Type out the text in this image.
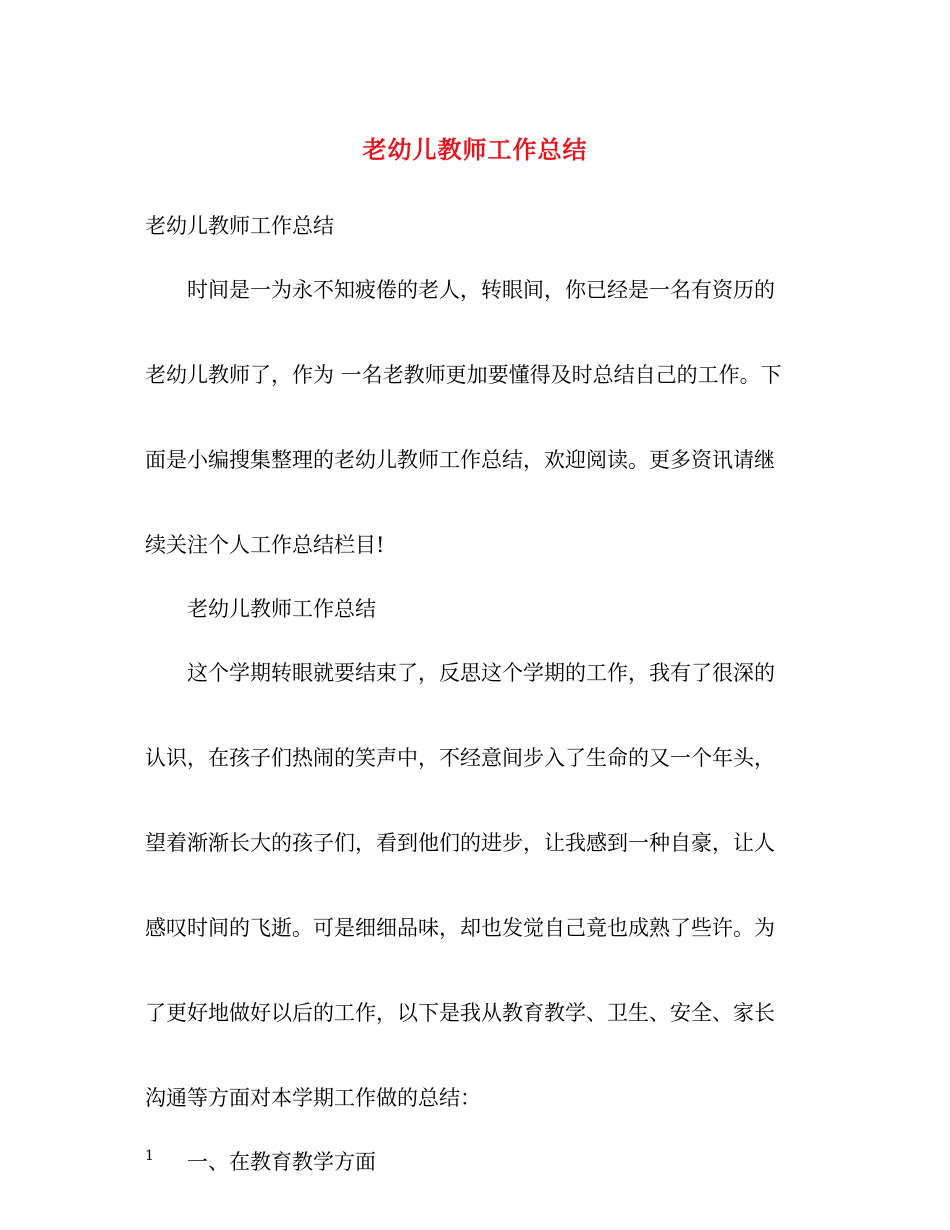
老幼儿教师工作总结
老幼儿教师工作总结
时间是一为永不知疲倦的老人，转眼间，你已经是一名有资历的
老幼儿教师了，作为 一名老教师更加要懂得及时总结自己的工作。下
面是小编搜集整理的老幼儿教师工作总结，欢迎阅读。更多资讯请继
续关注个人工作总结栏目!
老幼儿教师工作总结
这个学期转眼就要结束了，反思这个学期的工作，我有了很深的
认识，在孩子们热闹的笑声中，不经意间步入了生命的又一个年头，
望着渐渐长大的孩子们，看到他们的进步，让我感到一种自豪，让人
感叹时间的飞逝。可是细细品味，却也发觉自己竟也成熟了些许。为
了更好地做好以后的工作，以下是我从教育教学、卫生、安全、家长
沟通等方面对本学期工作做的总结：
一、在教育教学方面
1
